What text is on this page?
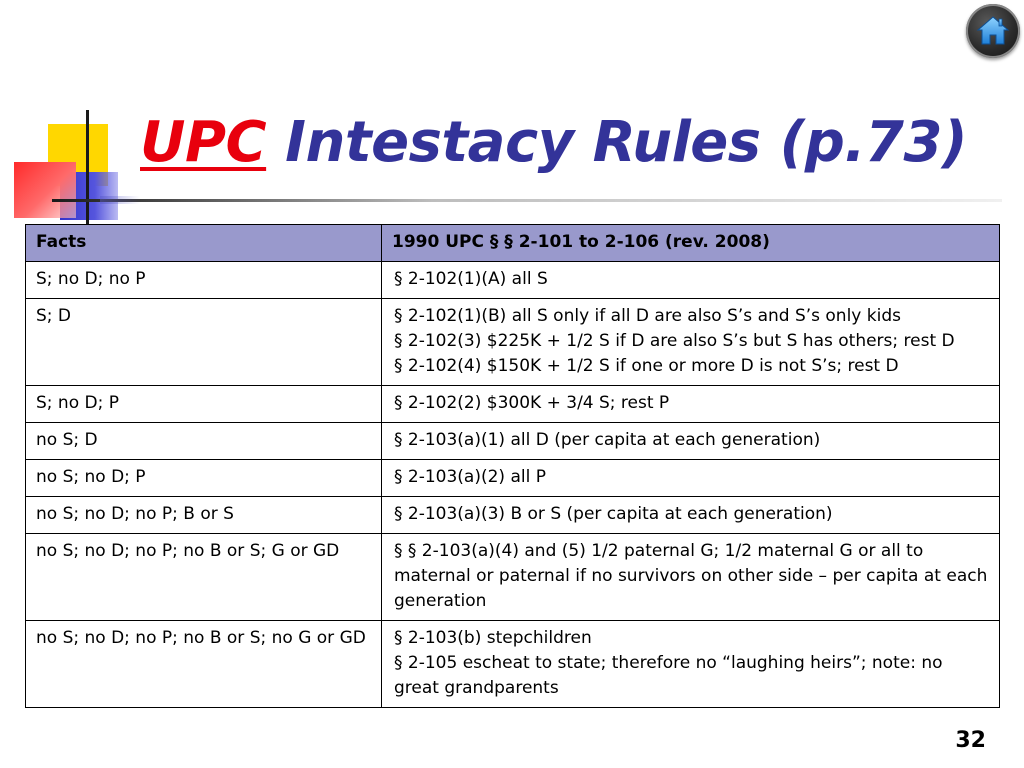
UPC Intestacy Rules (p.73)
Facts	1990 UPC § § 2-101 to 2-106 (rev. 2008)
S; no D; no P	§ 2-102(1)(A) all S

S; D	§ 2-102(1)(B) all S only if all D are also S’s and S’s only kids
§ 2-102(3) $225K + 1/2 S if D are also S’s but S has others; rest D
§ 2-102(4) $150K + 1/2 S if one or more D is not S’s; rest D

S; no D; P	§ 2-102(2) $300K + 3/4 S; rest P

no S; D	§ 2-103(a)(1) all D (per capita at each generation)

no S; no D; P	§ 2-103(a)(2) all P

no S; no D; no P; B or S	§ 2-103(a)(3) B or S (per capita at each generation)

no S; no D; no P; no B or S; G or GD	§ § 2-103(a)(4) and (5) 1/2 paternal G; 1/2 maternal G or all to maternal or paternal if no survivors on other side – per capita at each generation

no S; no D; no P; no B or S; no G or GD	§ 2-103(b) stepchildren
§ 2-105 escheat to state; therefore no “laughing heirs”; note: no great grandparents
32
